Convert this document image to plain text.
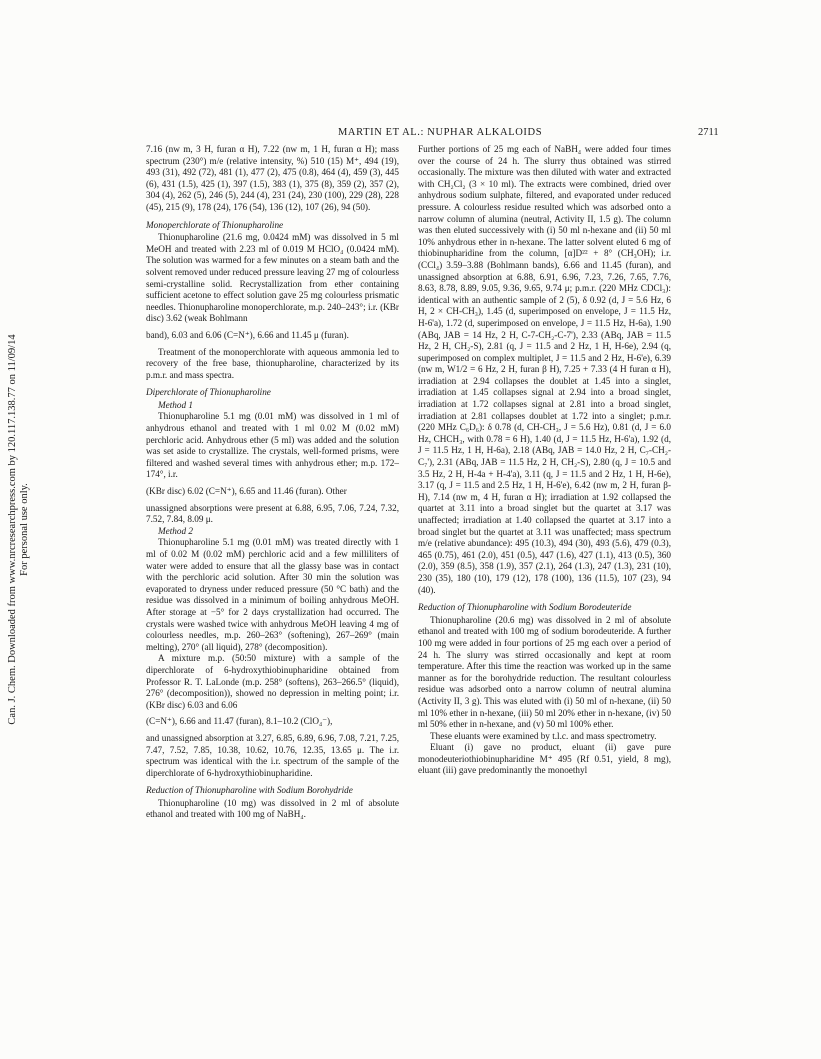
MARTIN ET AL.: NUPHAR ALKALOIDS	2711
Can. J. Chem. Downloaded from www.nrcresearchpress.com by 120.117.138.77 on 11/09/14 For personal use only.

7.16 (nw m, 3 H, furan α H), 7.22 (nw m, 1 H, furan α H); mass spectrum (230°) m/e (relative intensity, %) 510 (15) M⁺, 494 (19), 493 (31), 492 (72), 481 (1), 477 (2), 475 (0.8), 464 (4), 459 (3), 445 (6), 431 (1.5), 425 (1), 397 (1.5), 383 (1), 375 (8), 359 (2), 357 (2), 304 (4), 262 (5), 246 (5), 244 (4), 231 (24), 230 (100), 229 (28), 228 (45), 215 (9), 178 (24), 176 (54), 136 (12), 107 (26), 94 (50).

Monoperchlorate of Thionupharoline

Thionupharoline (21.6 mg, 0.0424 mM) was dissolved in 5 ml MeOH and treated with 2.23 ml of 0.019 M HClO₄ (0.0424 mM). The solution was warmed for a few minutes on a steam bath and the solvent removed under reduced pressure leaving 27 mg of colourless semi-crystalline solid. Recrystallization from ether containing sufficient acetone to effect solution gave 25 mg colourless prismatic needles. Thionupharoline monoperchlorate, m.p. 240–243°; i.r. (KBr disc) 3.62 (weak Bohlmann

band), 6.03 and 6.06 (C=N⁺), 6.66 and 11.45 μ (furan).

Treatment of the monoperchlorate with aqueous ammonia led to recovery of the free base, thionupharoline, characterized by its p.m.r. and mass spectra.

Diperchlorate of Thionupharoline

Method 1

Thionupharoline 5.1 mg (0.01 mM) was dissolved in 1 ml of anhydrous ethanol and treated with 1 ml 0.02 M (0.02 mM) perchloric acid. Anhydrous ether (5 ml) was added and the solution was set aside to crystallize. The crystals, well-formed prisms, were filtered and washed several times with anhydrous ether; m.p. 172–174°, i.r.

(KBr disc) 6.02 (C=N⁺), 6.65 and 11.46 (furan). Other

unassigned absorptions were present at 6.88, 6.95, 7.06, 7.24, 7.32, 7.52, 7.84, 8.09 μ.

Method 2

Thionupharoline 5.1 mg (0.01 mM) was treated directly with 1 ml of 0.02 M (0.02 mM) perchloric acid and a few milliliters of water were added to ensure that all the glassy base was in contact with the perchloric acid solution. After 30 min the solution was evaporated to dryness under reduced pressure (50 °C bath) and the residue was dissolved in a minimum of boiling anhydrous MeOH. After storage at −5° for 2 days crystallization had occurred. The crystals were washed twice with anhydrous MeOH leaving 4 mg of colourless needles, m.p. 260–263° (softening), 267–269° (main melting), 270° (all liquid), 278° (decomposition).

A mixture m.p. (50:50 mixture) with a sample of the diperchlorate of 6-hydroxythiobinupharidine obtained from Professor R. T. LaLonde (m.p. 258° (softens), 263–266.5° (liquid), 276° (decomposition)), showed no depression in melting point; i.r. (KBr disc) 6.03 and 6.06

(C=N⁺), 6.66 and 11.47 (furan), 8.1–10.2 (ClO₄⁻),

and unassigned absorption at 3.27, 6.85, 6.89, 6.96, 7.08, 7.21, 7.25, 7.47, 7.52, 7.85, 10.38, 10.62, 10.76, 12.35, 13.65 μ. The i.r. spectrum was identical with the i.r. spectrum of the sample of the diperchlorate of 6-hydroxythiobinupharidine.

Reduction of Thionupharoline with Sodium Borohydride

Thionupharoline (10 mg) was dissolved in 2 ml of absolute ethanol and treated with 100 mg of NaBH₄.

Further portions of 25 mg each of NaBH₄ were added four times over the course of 24 h. The slurry thus obtained was stirred occasionally. The mixture was then diluted with water and extracted with CH₂Cl₂ (3 × 10 ml). The extracts were combined, dried over anhydrous sodium sulphate, filtered, and evaporated under reduced pressure. A colourless residue resulted which was adsorbed onto a narrow column of alumina (neutral, Activity II, 1.5 g). The column was then eluted successively with (i) 50 ml n-hexane and (ii) 50 ml 10% anhydrous ether in n-hexane. The latter solvent eluted 6 mg of thiobinupharidine from the column, [α]D²² + 8° (CH₃OH); i.r. (CCl₄) 3.59–3.88 (Bohlmann bands), 6.66 and 11.45 (furan), and unassigned absorption at 6.88, 6.91, 6.96, 7.23, 7.26, 7.65, 7.76, 8.63, 8.78, 8.89, 9.05, 9.36, 9.65, 9.74 μ; p.m.r. (220 MHz CDCl₃): identical with an authentic sample of 2 (5), δ 0.92 (d, J = 5.6 Hz, 6 H, 2 × CH-CH₃), 1.45 (d, superimposed on envelope, J = 11.5 Hz, H-6'a), 1.72 (d, superimposed on envelope, J = 11.5 Hz, H-6a), 1.90 (ABq, JAB = 14 Hz, 2 H, C-7-CH₂-C-7'), 2.33 (ABq, JAB = 11.5 Hz, 2 H, CH₂-S), 2.81 (q, J = 11.5 and 2 Hz, 1 H, H-6e), 2.94 (q, superimposed on complex multiplet, J = 11.5 and 2 Hz, H-6'e), 6.39 (nw m, W1/2 = 6 Hz, 2 H, furan β H), 7.25 + 7.33 (4 H furan α H), irradiation at 2.94 collapses the doublet at 1.45 into a singlet, irradiation at 1.45 collapses signal at 2.94 into a broad singlet, irradiation at 1.72 collapses signal at 2.81 into a broad singlet, irradiation at 2.81 collapses doublet at 1.72 into a singlet; p.m.r. (220 MHz C₆D₆): δ 0.78 (d, CH-CH₃, J = 5.6 Hz), 0.81 (d, J = 6.0 Hz, CHCH₃, with 0.78 = 6 H), 1.40 (d, J = 11.5 Hz, H-6'a), 1.92 (d, J = 11.5 Hz, 1 H, H-6a), 2.18 (ABq, JAB = 14.0 Hz, 2 H, C₇-CH₂-C₇'), 2.31 (ABq, JAB = 11.5 Hz, 2 H, CH₂-S), 2.80 (q, J = 10.5 and 3.5 Hz, 2 H, H-4a + H-4'a), 3.11 (q, J = 11.5 and 2 Hz, 1 H, H-6e), 3.17 (q, J = 11.5 and 2.5 Hz, 1 H, H-6'e), 6.42 (nw m, 2 H, furan β-H), 7.14 (nw m, 4 H, furan α H); irradiation at 1.92 collapsed the quartet at 3.11 into a broad singlet but the quartet at 3.17 was unaffected; irradiation at 1.40 collapsed the quartet at 3.17 into a broad singlet but the quartet at 3.11 was unaffected; mass spectrum m/e (relative abundance): 495 (10.3), 494 (30), 493 (5.6), 479 (0.3), 465 (0.75), 461 (2.0), 451 (0.5), 447 (1.6), 427 (1.1), 413 (0.5), 360 (2.0), 359 (8.5), 358 (1.9), 357 (2.1), 264 (1.3), 247 (1.3), 231 (10), 230 (35), 180 (10), 179 (12), 178 (100), 136 (11.5), 107 (23), 94 (40).

Reduction of Thionupharoline with Sodium Borodeuteride

Thionupharoline (20.6 mg) was dissolved in 2 ml of absolute ethanol and treated with 100 mg of sodium borodeuteride. A further 100 mg were added in four portions of 25 mg each over a period of 24 h. The slurry was stirred occasionally and kept at room temperature. After this time the reaction was worked up in the same manner as for the borohydride reduction. The resultant colourless residue was adsorbed onto a narrow column of neutral alumina (Activity II, 3 g). This was eluted with (i) 50 ml of n-hexane, (ii) 50 ml 10% ether in n-hexane, (iii) 50 ml 20% ether in n-hexane, (iv) 50 ml 50% ether in n-hexane, and (v) 50 ml 100% ether.

These eluants were examined by t.l.c. and mass spectrometry.

Eluant (i) gave no product, eluant (ii) gave pure monodeuteriothiobinupharidine M⁺ 495 (Rf 0.51, yield, 8 mg), eluant (iii) gave predominantly the monoethyl
